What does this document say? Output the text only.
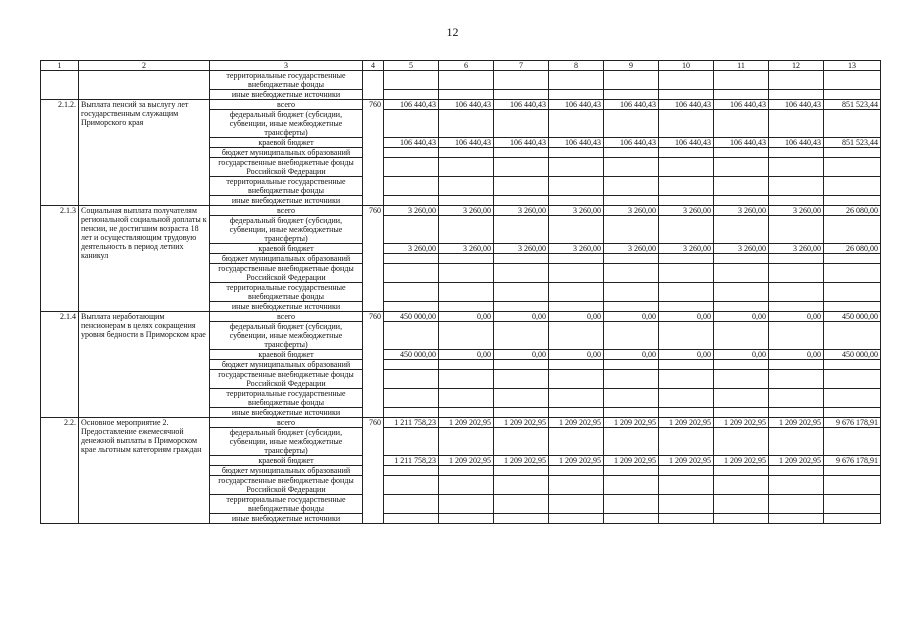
12
1	2	3	4	5	6	7	8	9	10	11	12	13
		территориальные государственные внебюджетные фонды										
		иные внебюджетные источники										
2.1.2.	Выплата пенсий за выслугу лет государственным служащим Приморского края	всего	760	106 440,43	106 440,43	106 440,43	106 440,43	106 440,43	106 440,43	106 440,43	106 440,43	851 523,44
		федеральный бюджет (субсидии, субвенции, иные межбюджетные трансферты)										
		краевой бюджет		106 440,43	106 440,43	106 440,43	106 440,43	106 440,43	106 440,43	106 440,43	106 440,43	851 523,44
		бюджет муниципальных образований										
		государственные внебюджетные фонды Российской Федерации										
		территориальные государственные внебюджетные фонды										
		иные внебюджетные источники										
2.1.3	Социальная выплата получателям региональной социальной доплаты к пенсии, не достигшим возраста 18 лет и осуществляющим трудовую деятельность в период летних каникул	всего	760	3 260,00	3 260,00	3 260,00	3 260,00	3 260,00	3 260,00	3 260,00	3 260,00	26 080,00
		федеральный бюджет (субсидии, субвенции, иные межбюджетные трансферты)										
		краевой бюджет		3 260,00	3 260,00	3 260,00	3 260,00	3 260,00	3 260,00	3 260,00	3 260,00	26 080,00
		бюджет муниципальных образований										
		государственные внебюджетные фонды Российской Федерации										
		территориальные государственные внебюджетные фонды										
		иные внебюджетные источники										
2.1.4	Выплата неработающим пенсионерам в целях сокращения уровня бедности в Приморском крае	всего	760	450 000,00	0,00	0,00	0,00	0,00	0,00	0,00	0,00	450 000,00
		федеральный бюджет (субсидии, субвенции, иные межбюджетные трансферты)										
		краевой бюджет		450 000,00	0,00	0,00	0,00	0,00	0,00	0,00	0,00	450 000,00
		бюджет муниципальных образований										
		государственные внебюджетные фонды Российской Федерации										
		территориальные государственные внебюджетные фонды										
		иные внебюджетные источники										
2.2.	Основное мероприятие 2. Предоставление ежемесячной денежной выплаты в Приморском крае льготным категориям граждан	всего	760	1 211 758,23	1 209 202,95	1 209 202,95	1 209 202,95	1 209 202,95	1 209 202,95	1 209 202,95	1 209 202,95	9 676 178,91
		федеральный бюджет (субсидии, субвенции, иные межбюджетные трансферты)										
		краевой бюджет		1 211 758,23	1 209 202,95	1 209 202,95	1 209 202,95	1 209 202,95	1 209 202,95	1 209 202,95	1 209 202,95	9 676 178,91
		бюджет муниципальных образований										
		государственные внебюджетные фонды Российской Федерации										
		территориальные государственные внебюджетные фонды										
		иные внебюджетные источники										
